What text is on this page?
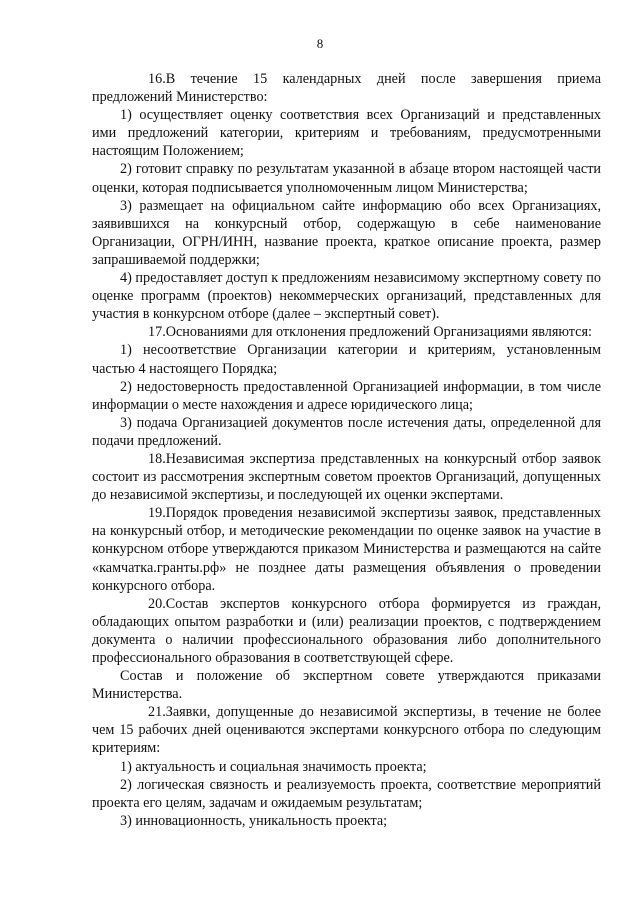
8

16.В течение 15 календарных дней после завершения приема предложений Министерство:

1) осуществляет оценку соответствия всех Организаций и представленных ими предложений категории, критериям и требованиям, предусмотренными настоящим Положением;

2) готовит справку по результатам указанной в абзаце втором настоящей части оценки, которая подписывается уполномоченным лицом Министерства;

3) размещает на официальном сайте информацию обо всех Организациях, заявившихся на конкурсный отбор, содержащую в себе наименование Организации, ОГРН/ИНН, название проекта, краткое описание проекта, размер запрашиваемой поддержки;

4) предоставляет доступ к предложениям независимому экспертному совету по оценке программ (проектов) некоммерческих организаций, представленных для участия в конкурсном отборе (далее – экспертный совет).

17.Основаниями для отклонения предложений Организациями являются:

1) несоответствие Организации категории и критериям, установленным частью 4 настоящего Порядка;

2) недостоверность предоставленной Организацией информации, в том числе информации о месте нахождения и адресе юридического лица;

3) подача Организацией документов после истечения даты, определенной для подачи предложений.

18.Независимая экспертиза представленных на конкурсный отбор заявок состоит из рассмотрения экспертным советом проектов Организаций, допущенных до независимой экспертизы, и последующей их оценки экспертами.

19.Порядок проведения независимой экспертизы заявок, представленных на конкурсный отбор, и методические рекомендации по оценке заявок на участие в конкурсном отборе утверждаются приказом Министерства и размещаются на сайте «камчатка.гранты.рф» не позднее даты размещения объявления о проведении конкурсного отбора.

20.Состав экспертов конкурсного отбора формируется из граждан, обладающих опытом разработки и (или) реализации проектов, с подтверждением документа о наличии профессионального образования либо дополнительного профессионального образования в соответствующей сфере.

Состав и положение об экспертном совете утверждаются приказами Министерства.

21.Заявки, допущенные до независимой экспертизы, в течение не более чем 15 рабочих дней оцениваются экспертами конкурсного отбора по следующим критериям:

1) актуальность и социальная значимость проекта;

2) логическая связность и реализуемость проекта, соответствие мероприятий проекта его целям, задачам и ожидаемым результатам;

3) инновационность, уникальность проекта;
